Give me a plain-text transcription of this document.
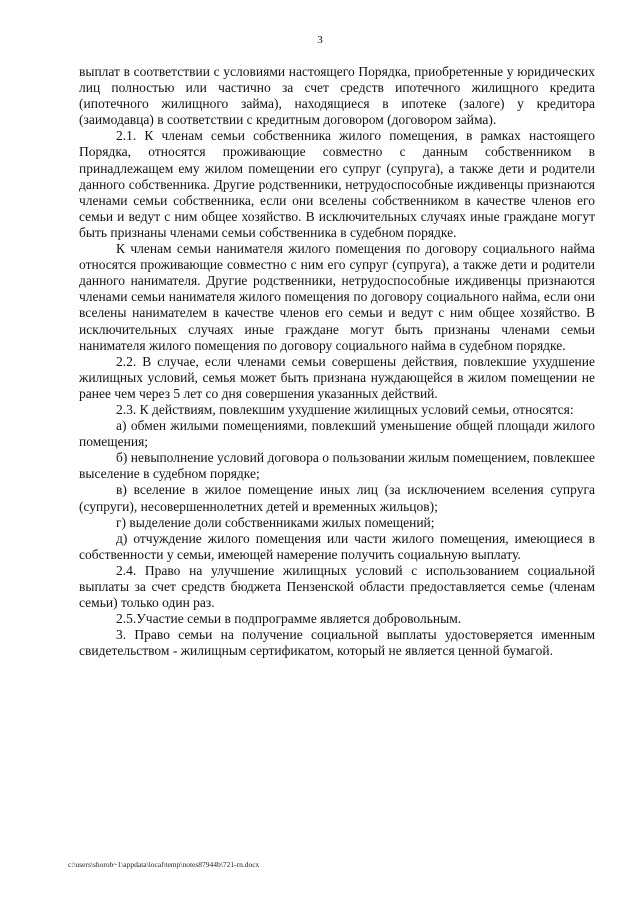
3

выплат в соответствии с условиями настоящего Порядка, приобретенные у юридических лиц полностью или частично за счет средств ипотечного жилищного кредита (ипотечного жилищного займа), находящиеся в ипотеке (залоге) у кредитора (заимодавца) в соответствии с кредитным договором (договором займа).

2.1. К членам семьи собственника жилого помещения, в рамках настоящего Порядка, относятся проживающие совместно с данным собственником в принадлежащем ему жилом помещении его супруг (супруга), а также дети и родители данного собственника. Другие родственники, нетрудоспособные иждивенцы признаются членами семьи собственника, если они вселены собственником в качестве членов его семьи и ведут с ним общее хозяйство. В исключительных случаях иные граждане могут быть признаны членами семьи собственника в судебном порядке.

К членам семьи нанимателя жилого помещения по договору социального найма относятся проживающие совместно с ним его супруг (супруга), а также дети и родители данного нанимателя. Другие родственники, нетрудоспособные иждивенцы признаются членами семьи нанимателя жилого помещения по договору социального найма, если они вселены нанимателем в качестве членов его семьи и ведут с ним общее хозяйство. В исключительных случаях иные граждане могут быть признаны членами семьи нанимателя жилого помещения по договору социального найма в судебном порядке.

2.2. В случае, если членами семьи совершены действия, повлекшие ухудшение жилищных условий, семья может быть признана нуждающейся в жилом помещении не ранее чем через 5 лет со дня совершения указанных действий.

2.3. К действиям, повлекшим ухудшение жилищных условий семьи, относятся:

а) обмен жилыми помещениями, повлекший уменьшение общей площади жилого помещения;

б) невыполнение условий договора о пользовании жилым помещением, повлекшее выселение в судебном порядке;

в) вселение в жилое помещение иных лиц (за исключением вселения супруга (супруги), несовершеннолетних детей и временных жильцов);

г) выделение доли собственниками жилых помещений;

д) отчуждение жилого помещения или части жилого помещения, имеющиеся в собственности у семьи, имеющей намерение получить социальную выплату.

2.4. Право на улучшение жилищных условий с использованием социальной выплаты за счет средств бюджета Пензенской области предоставляется семье (членам семьи) только один раз.

2.5.Участие семьи в подпрограмме является добровольным.

3. Право семьи на получение социальной выплаты удостоверяется именным свидетельством - жилищным сертификатом, который не является ценной бумагой.

c:\users\shorob~1\appdata\local\temp\notes87944b\721-rn.docx
